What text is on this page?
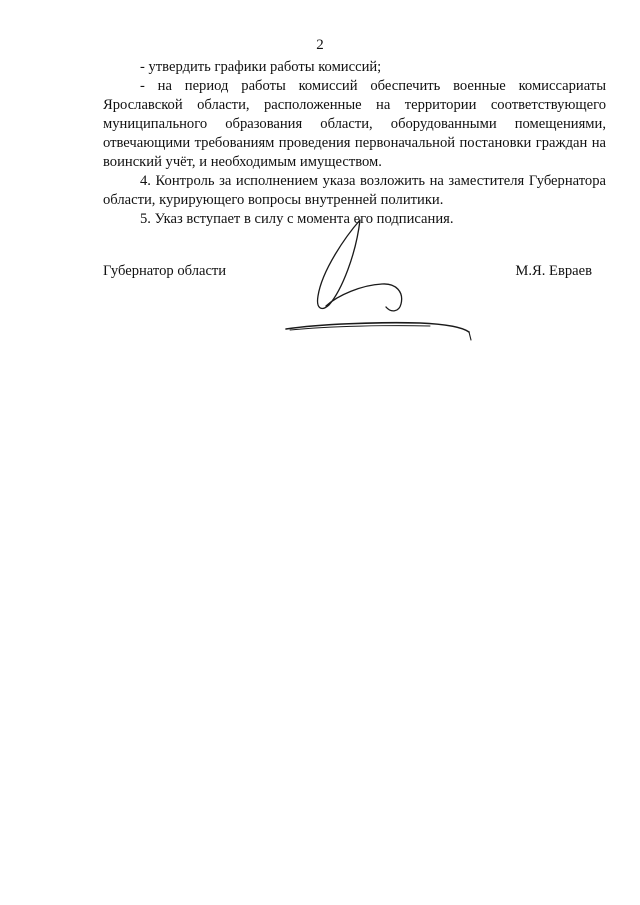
2

- утвердить графики работы комиссий;

- на период работы комиссий обеспечить военные комиссариаты Ярославской области, расположенные на территории соответствующего муниципального образования области, оборудованными помещениями, отвечающими требованиям проведения первоначальной постановки граждан на воинский учёт, и необходимым имуществом.

4. Контроль за исполнением указа возложить на заместителя Губернатора области, курирующего вопросы внутренней политики.

5. Указ вступает в силу с момента его подписания.

Губернатор области	М.Я. Евраев
